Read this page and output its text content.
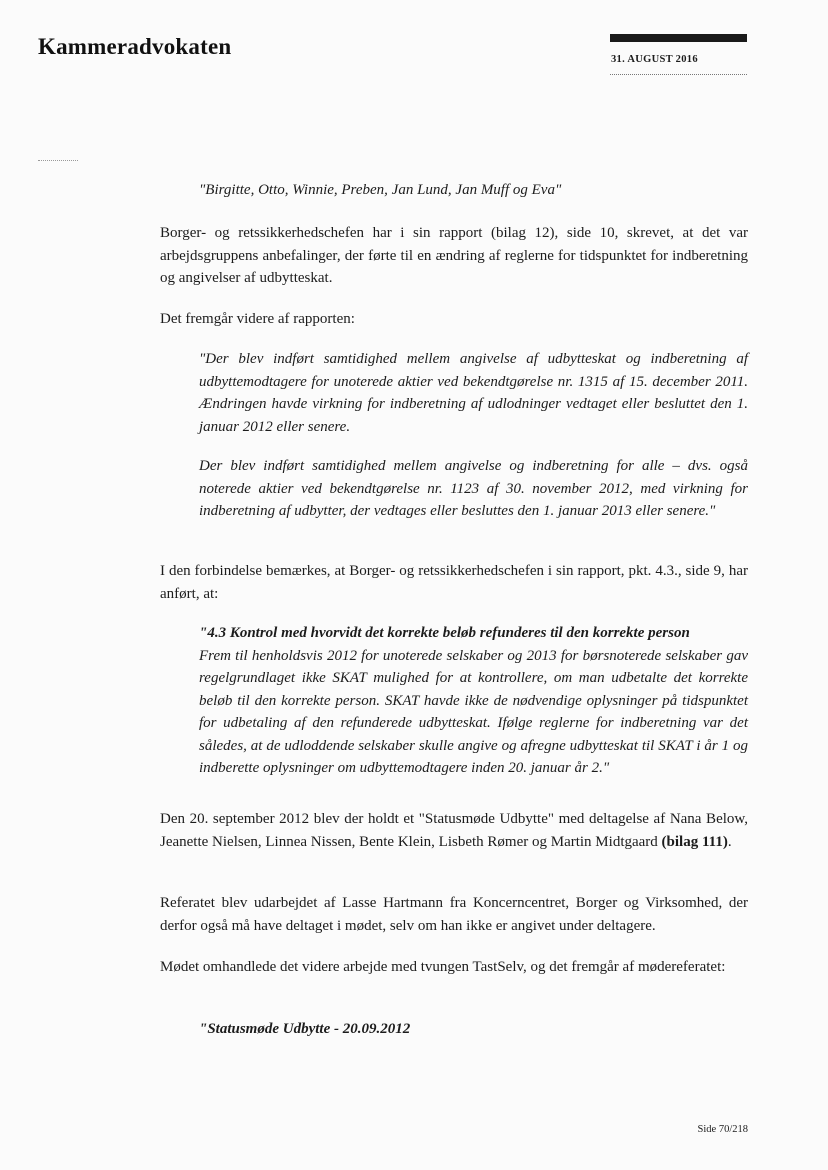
Kammeradvokaten
31. AUGUST 2016
"Birgitte, Otto, Winnie, Preben, Jan Lund, Jan Muff og Eva"
Borger- og retssikkerhedschefen har i sin rapport (bilag 12), side 10, skrevet, at det var arbejdsgruppens anbefalinger, der førte til en ændring af reglerne for tidspunktet for indberetning og angivelser af udbytteskat.
Det fremgår videre af rapporten:
"Der blev indført samtidighed mellem angivelse af udbytteskat og indberetning af udbyttemodtagere for unoterede aktier ved bekendtgørelse nr. 1315 af 15. december 2011. Ændringen havde virkning for indberetning af udlodninger vedtaget eller besluttet den 1. januar 2012 eller senere.
Der blev indført samtidighed mellem angivelse og indberetning for alle – dvs. også noterede aktier ved bekendtgørelse nr. 1123 af 30. november 2012, med virkning for indberetning af udbytter, der vedtages eller besluttes den 1. januar 2013 eller senere."
I den forbindelse bemærkes, at Borger- og retssikkerhedschefen i sin rapport, pkt. 4.3., side 9, har anført, at:
"4.3 Kontrol med hvorvidt det korrekte beløb refunderes til den korrekte person
Frem til henholdsvis 2012 for unoterede selskaber og 2013 for børsnoterede selskaber gav regelgrundlaget ikke SKAT mulighed for at kontrollere, om man udbetalte det korrekte beløb til den korrekte person. SKAT havde ikke de nødvendige oplysninger på tidspunktet for udbetaling af den refunderede udbytteskat. Ifølge reglerne for indberetning var det således, at de udloddende selskaber skulle angive og afregne udbytteskat til SKAT i år 1 og indberette oplysninger om udbyttemodtagere inden 20. januar år 2."
Den 20. september 2012 blev der holdt et "Statusmøde Udbytte" med deltagelse af Nana Below, Jeanette Nielsen, Linnea Nissen, Bente Klein, Lisbeth Rømer og Martin Midtgaard (bilag 111).
Referatet blev udarbejdet af Lasse Hartmann fra Koncerncentret, Borger og Virksomhed, der derfor også må have deltaget i mødet, selv om han ikke er angivet under deltagere.
Mødet omhandlede det videre arbejde med tvungen TastSelv, og det fremgår af mødereferatet:
"Statusmøde Udbytte - 20.09.2012
Side 70/218
